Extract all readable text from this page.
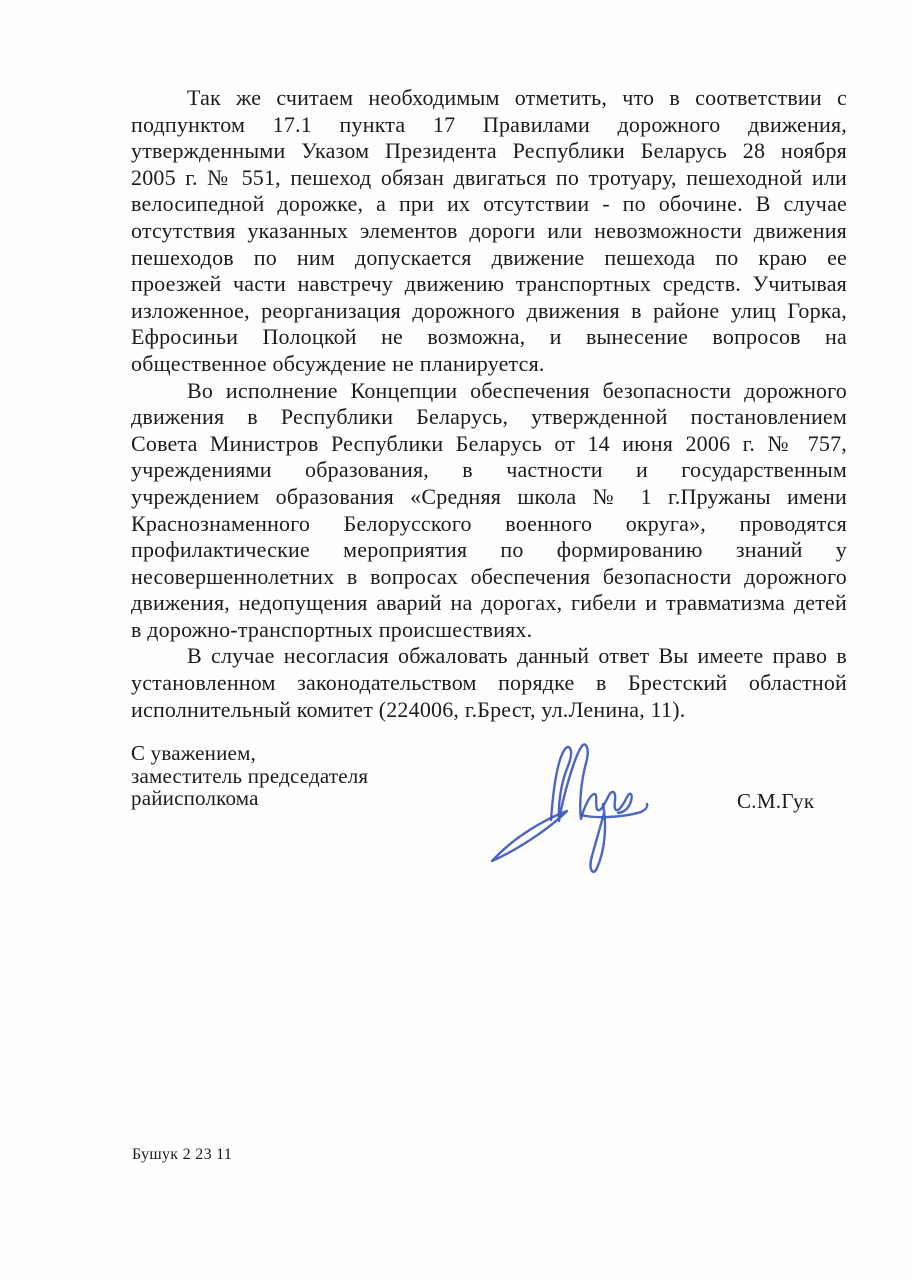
Так же считаем необходимым отметить, что в соответствии с
подпунктом 17.1 пункта 17 Правилами дорожного движения,
утвержденными Указом Президента Республики Беларусь 28 ноября
2005 г. № 551, пешеход обязан двигаться по тротуару, пешеходной или
велосипедной дорожке, а при их отсутствии - по обочине. В случае
отсутствия указанных элементов дороги или невозможности движения
пешеходов по ним допускается движение пешехода по краю ее
проезжей части навстречу движению транспортных средств. Учитывая
изложенное, реорганизация дорожного движения в районе улиц Горка,
Ефросиньи Полоцкой не возможна, и вынесение вопросов на
общественное обсуждение не планируется.
Во исполнение Концепции обеспечения безопасности дорожного
движения в Республики Беларусь, утвержденной постановлением
Совета Министров Республики Беларусь от 14 июня 2006 г. № 757,
учреждениями образования, в частности и государственным
учреждением образования «Средняя школа № 1 г.Пружаны имени
Краснознаменного Белорусского военного округа», проводятся
профилактические мероприятия по формированию знаний у
несовершеннолетних в вопросах обеспечения безопасности дорожного
движения, недопущения аварий на дорогах, гибели и травматизма детей
в дорожно-транспортных происшествиях.
В случае несогласия обжаловать данный ответ Вы имеете право в
установленном законодательством порядке в Брестский областной
исполнительный комитет (224006, г.Брест, ул.Ленина, 11).
С уважением,
заместитель председателя
райисполкома	С.М.Гук
Бушук 2 23 11
